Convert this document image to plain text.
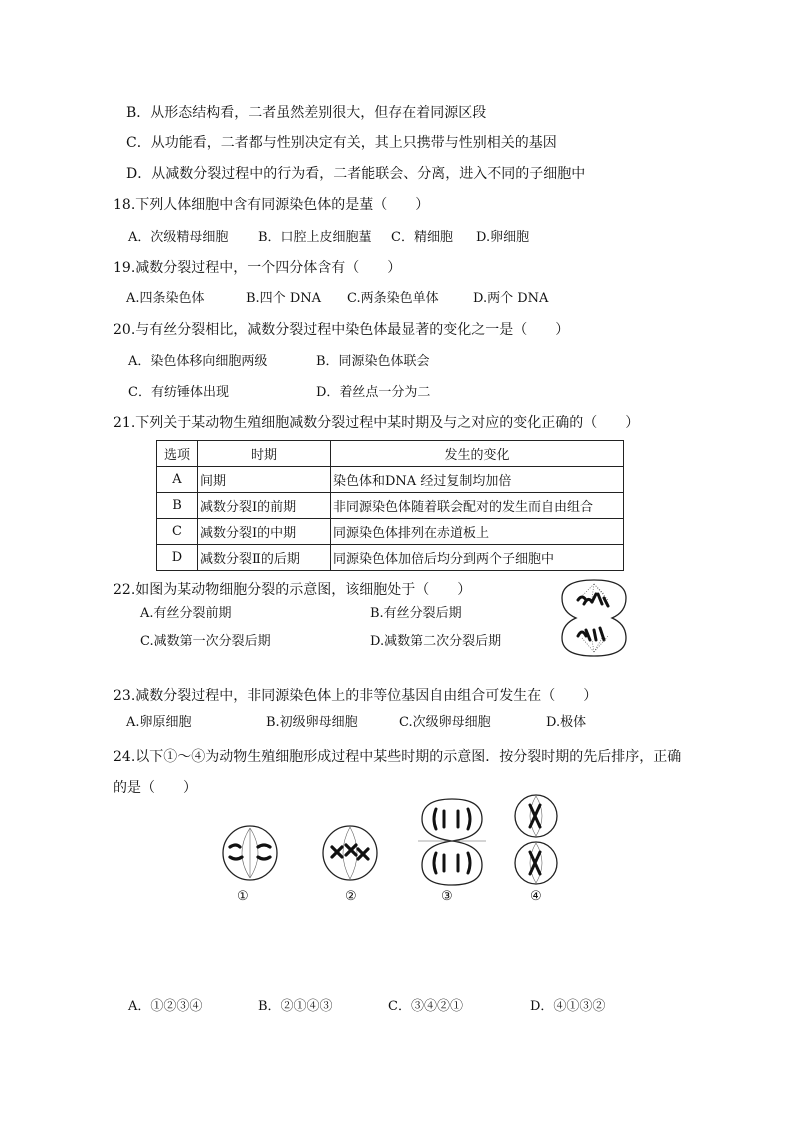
B．从形态结构看，二者虽然差别很大，但存在着同源区段
C．从功能看，二者都与性别决定有关，其上只携带与性别相关的基因
D．从减数分裂过程中的行为看，二者能联会、分离，进入不同的子细胞中
18.下列人体细胞中含有同源染色体的是蓳（　　）
A．次级精母细胞 B．口腔上皮细胞蓳 C．精细胞 D.卵细胞
19.减数分裂过程中，一个四分体含有（　　）
A.四条染色体	B.四个 DNA C.两条染色单体	D.两个 DNA
20.与有丝分裂相比，减数分裂过程中染色体最显著的变化之一是（　　）
A．染色体移向细胞两级	B．同源染色体联会
C．有纺锤体出现	D．着丝点一分为二
21.下列关于某动物生殖细胞减数分裂过程中某时期及与之对应的变化正确的（　　）
选项	时期	发生的变化
A	间期	染色体和DNA 经过复制均加倍
B	减数分裂Ⅰ的前期	非同源染色体随着联会配对的发生而自由组合
C	减数分裂Ⅰ的中期	同源染色体排列在赤道板上
D	减数分裂Ⅱ的后期	同源染色体加倍后均分到两个子细胞中
22.如图为某动物细胞分裂的示意图，该细胞处于（　　）
A.有丝分裂前期	B.有丝分裂后期
C.减数第一次分裂后期	D.减数第二次分裂后期
23.减数分裂过程中，非同源染色体上的非等位基因自由组合可发生在（　　）
A.卵原细胞	B.初级卵母细胞	C.次级卵母细胞	D.极体
24.以下①～④为动物生殖细胞形成过程中某些时期的示意图．按分裂时期的先后排序，正确
的是（　　）
①	②	③	④
A．①②③④	B．②①④③	C．③④②①	D．④①③②
